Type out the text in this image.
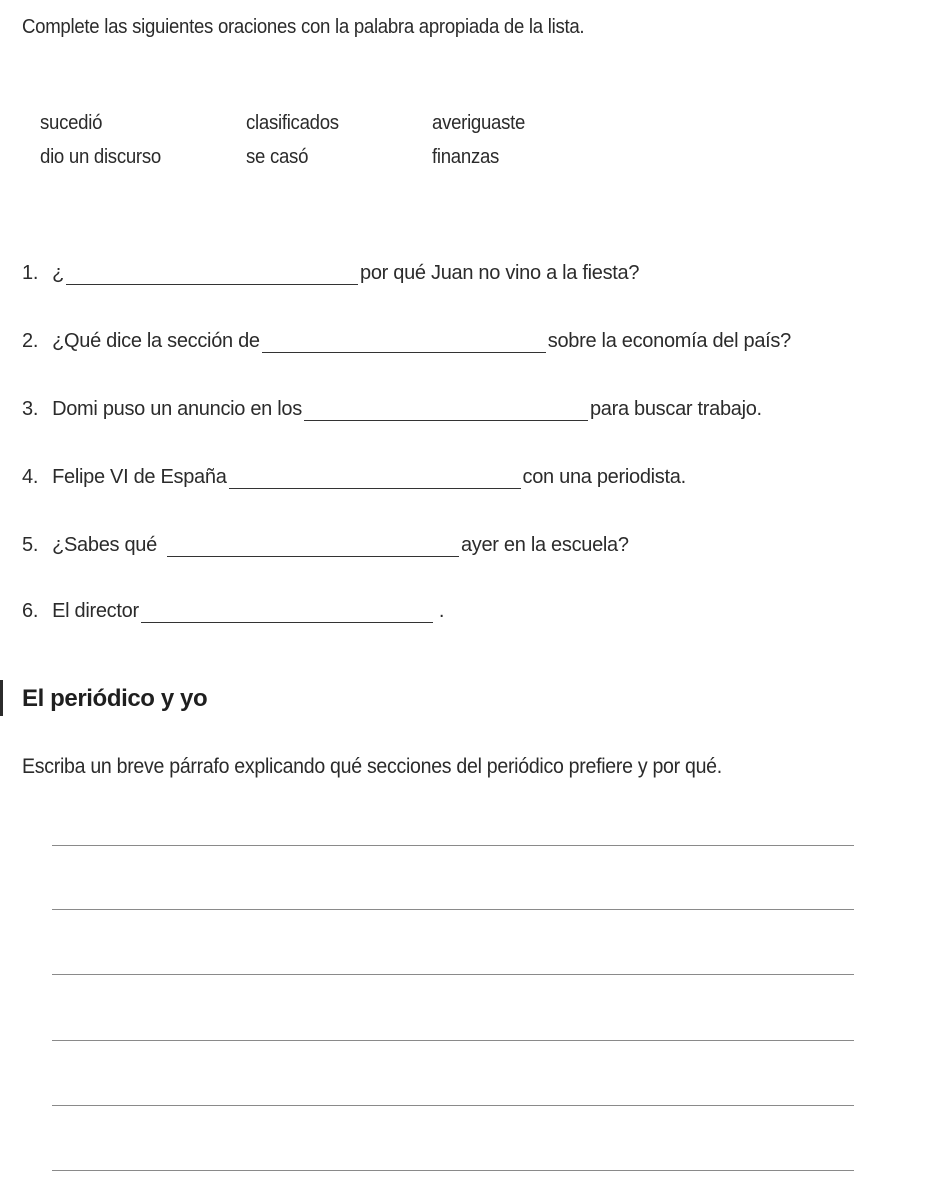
Complete las siguientes oraciones con la palabra apropiada de la lista.
sucedió	clasificados	averiguaste
dio un discurso	se casó	finanzas
1. ¿	por qué Juan no vino a la fiesta?
2. ¿Qué dice la sección de	sobre la economía del país?
3. Domi puso un anuncio en los	para buscar trabajo.
4. Felipe VI de España	con una periodista.
5. ¿Sabes qué	ayer en la escuela?
6. El director	.
El periódico y yo
Escriba un breve párrafo explicando qué secciones del periódico prefiere y por qué.
